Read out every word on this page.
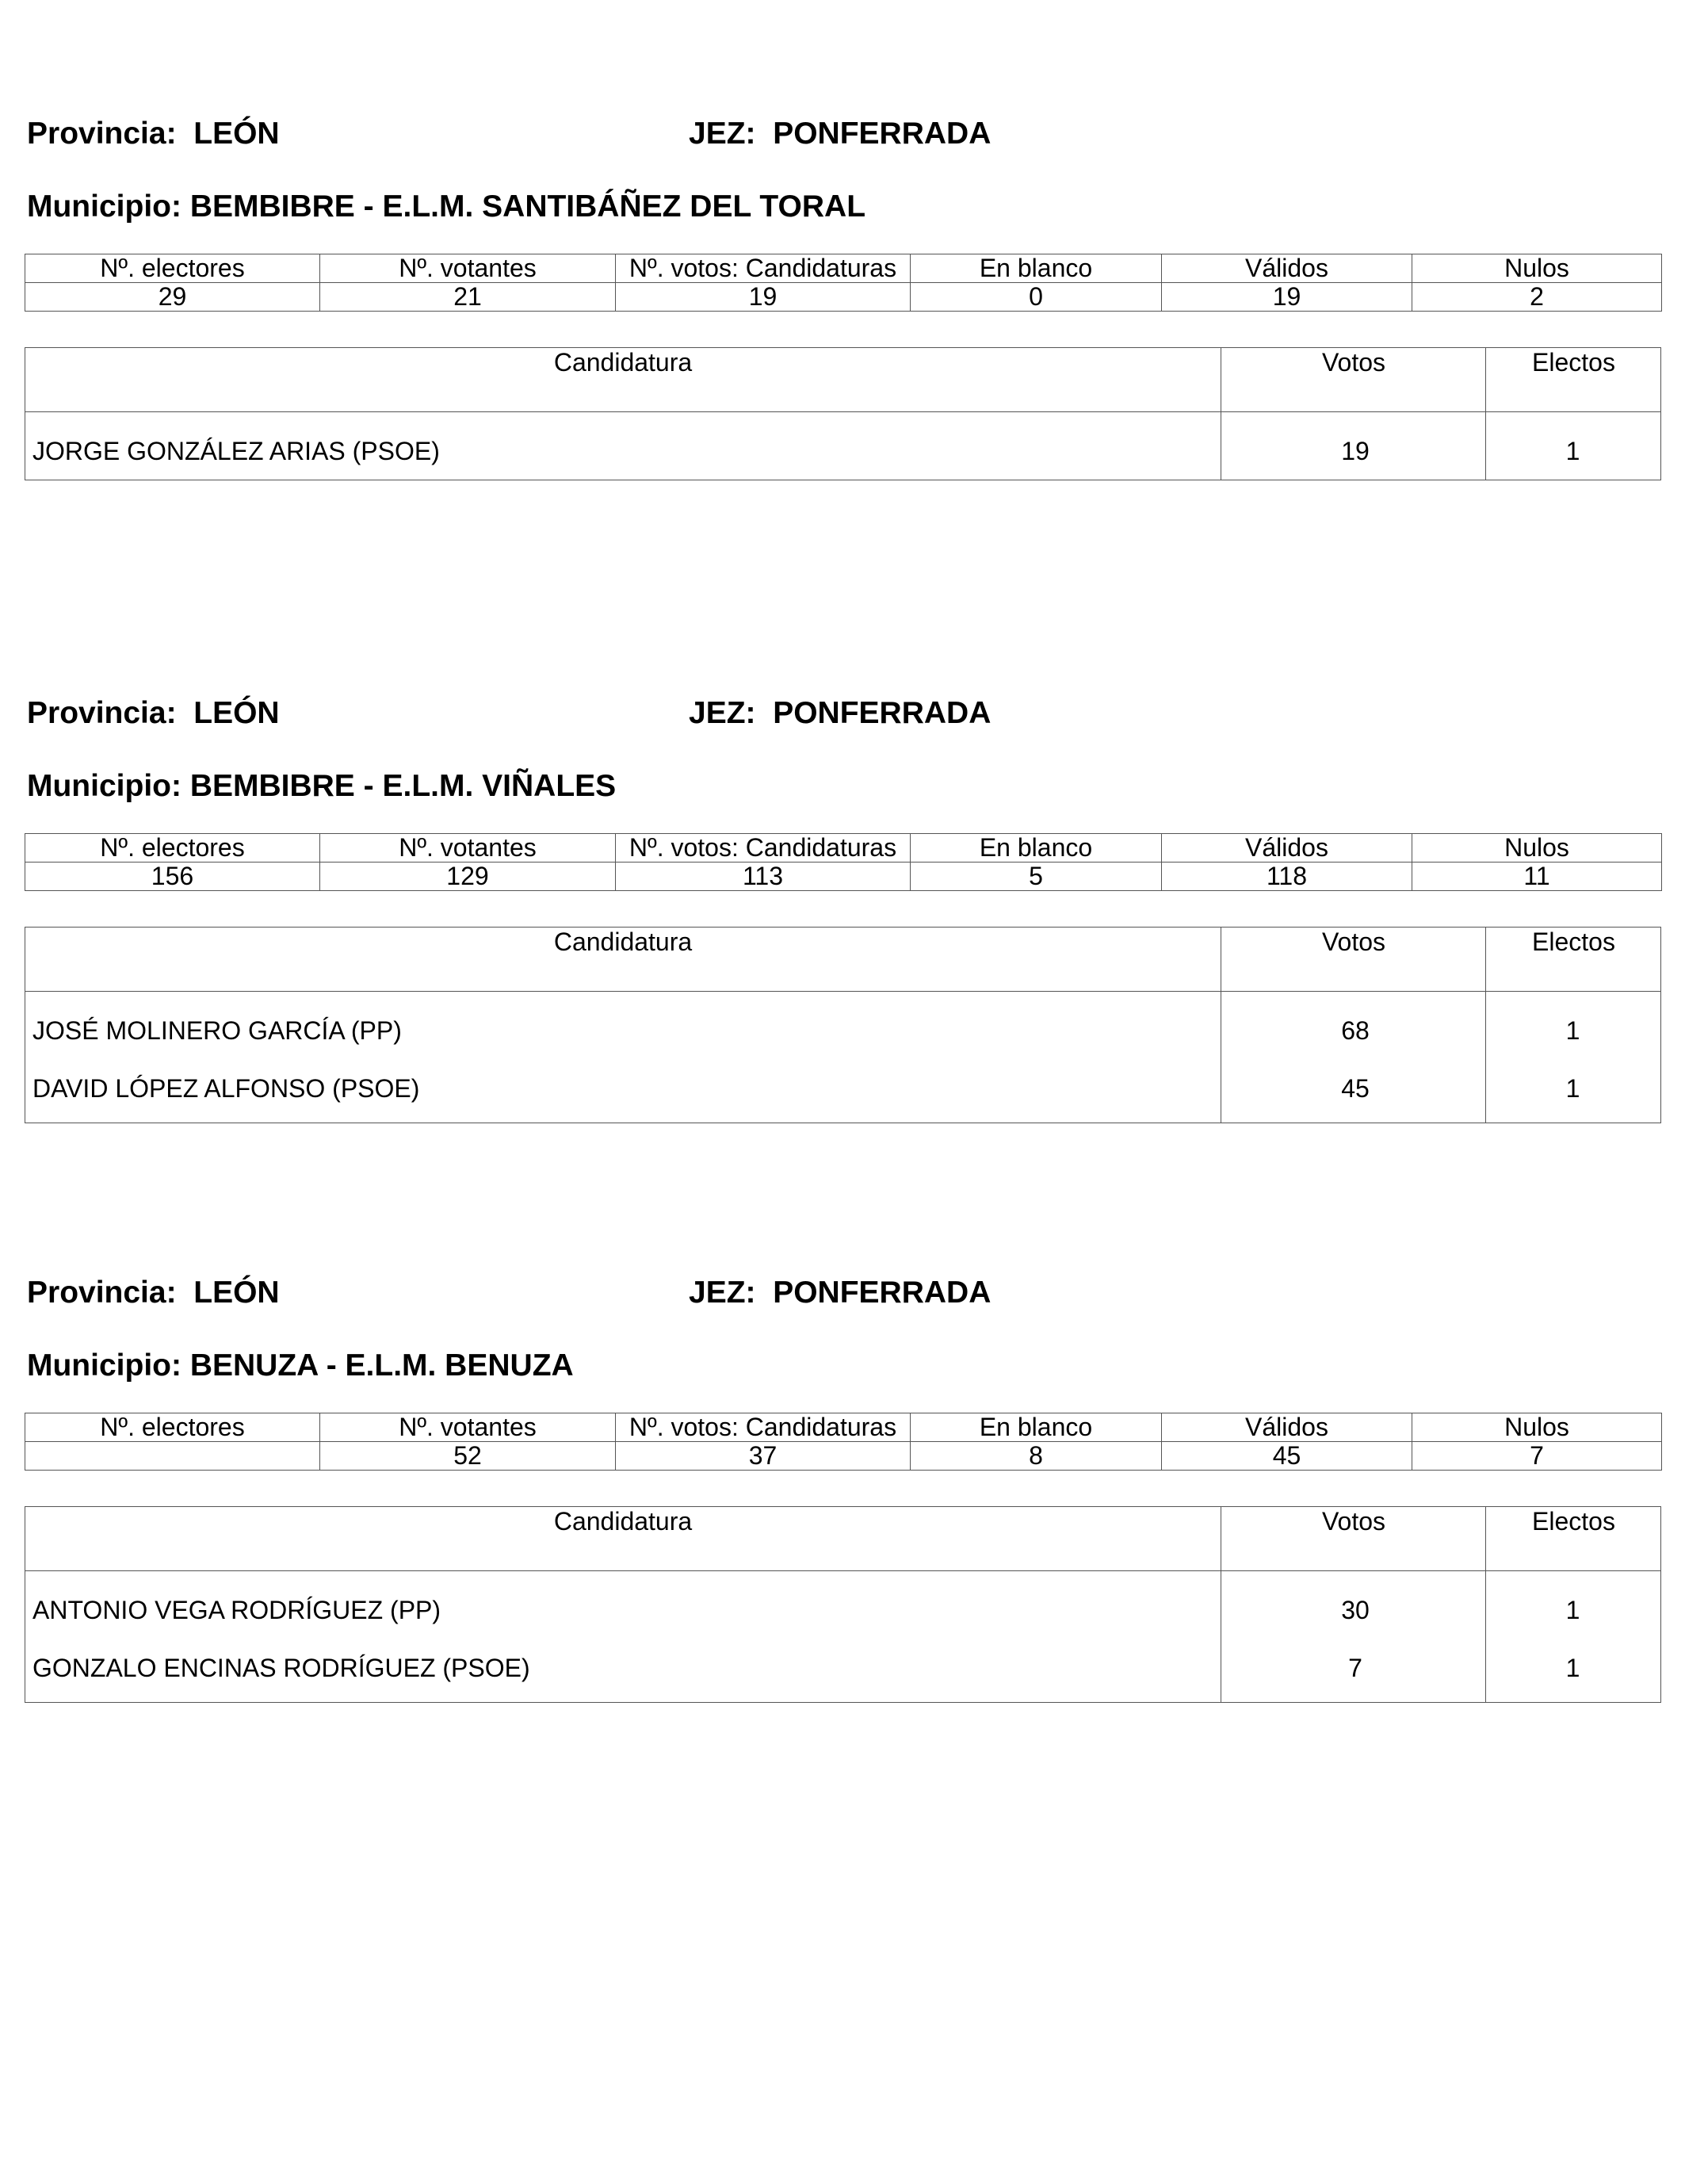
Provincia: LEÓN	JEZ: PONFERRADA
Municipio: BEMBIBRE - E.L.M. SANTIBÁÑEZ DEL TORAL
Nº. electores	Nº. votantes	Nº. votos: Candidaturas	En blanco	Válidos	Nulos
29	21	19	0	19	2
Candidatura	Votos	Electos
JORGE GONZÁLEZ ARIAS (PSOE)	19	1
Provincia: LEÓN	JEZ: PONFERRADA
Municipio: BEMBIBRE - E.L.M. VIÑALES
Nº. electores	Nº. votantes	Nº. votos: Candidaturas	En blanco	Válidos	Nulos
156	129	113	5	118	11
Candidatura	Votos	Electos
JOSÉ MOLINERO GARCÍA (PP)	68	1
DAVID LÓPEZ ALFONSO (PSOE)	45	1
Provincia: LEÓN	JEZ: PONFERRADA
Municipio: BENUZA - E.L.M. BENUZA
Nº. electores	Nº. votantes	Nº. votos: Candidaturas	En blanco	Válidos	Nulos
	52	37	8	45	7
Candidatura	Votos	Electos
ANTONIO VEGA RODRÍGUEZ (PP)	30	1
GONZALO ENCINAS RODRÍGUEZ (PSOE)	7	1
